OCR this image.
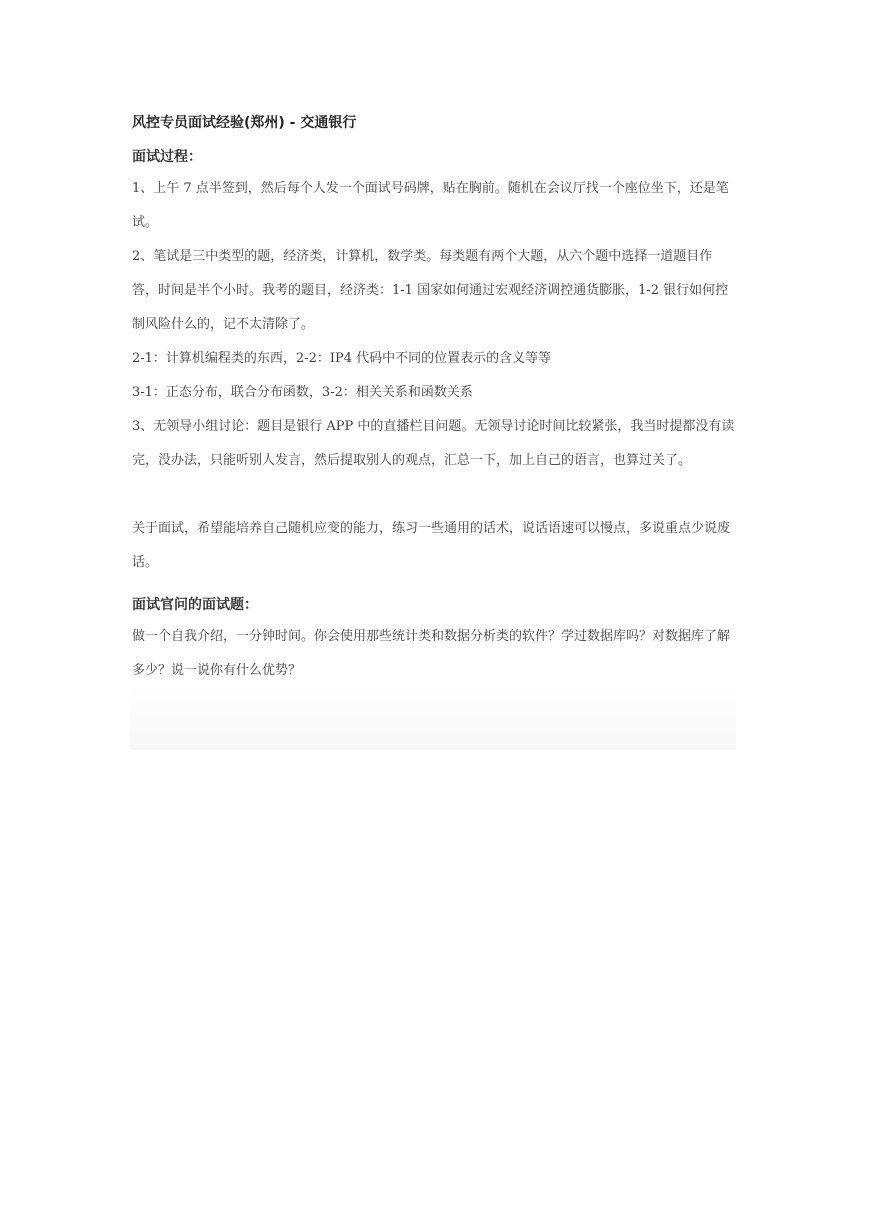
风控专员面试经验(郑州) - 交通银行
面试过程：

1、上午 7 点半签到，然后每个人发一个面试号码牌，贴在胸前。随机在会议厅找一个座位坐下，还是笔试。

2、笔试是三中类型的题，经济类，计算机，数学类。每类题有两个大题，从六个题中选择一道题目作答，时间是半个小时。我考的题目，经济类：1-1 国家如何通过宏观经济调控通货膨胀，1-2 银行如何控制风险什么的，记不太清除了。

2-1：计算机编程类的东西，2-2：IP4 代码中不同的位置表示的含义等等

3-1：正态分布，联合分布函数，3-2：相关关系和函数关系

3、无领导小组讨论：题目是银行 APP 中的直播栏目问题。无领导讨论时间比较紧张，我当时提都没有读完，没办法，只能听别人发言，然后提取别人的观点，汇总一下，加上自己的语言，也算过关了。

关于面试，希望能培养自己随机应变的能力，练习一些通用的话术，说话语速可以慢点，多说重点少说废话。

面试官问的面试题：

做一个自我介绍，一分钟时间。你会使用那些统计类和数据分析类的软件？学过数据库吗？对数据库了解多少？说一说你有什么优势？
